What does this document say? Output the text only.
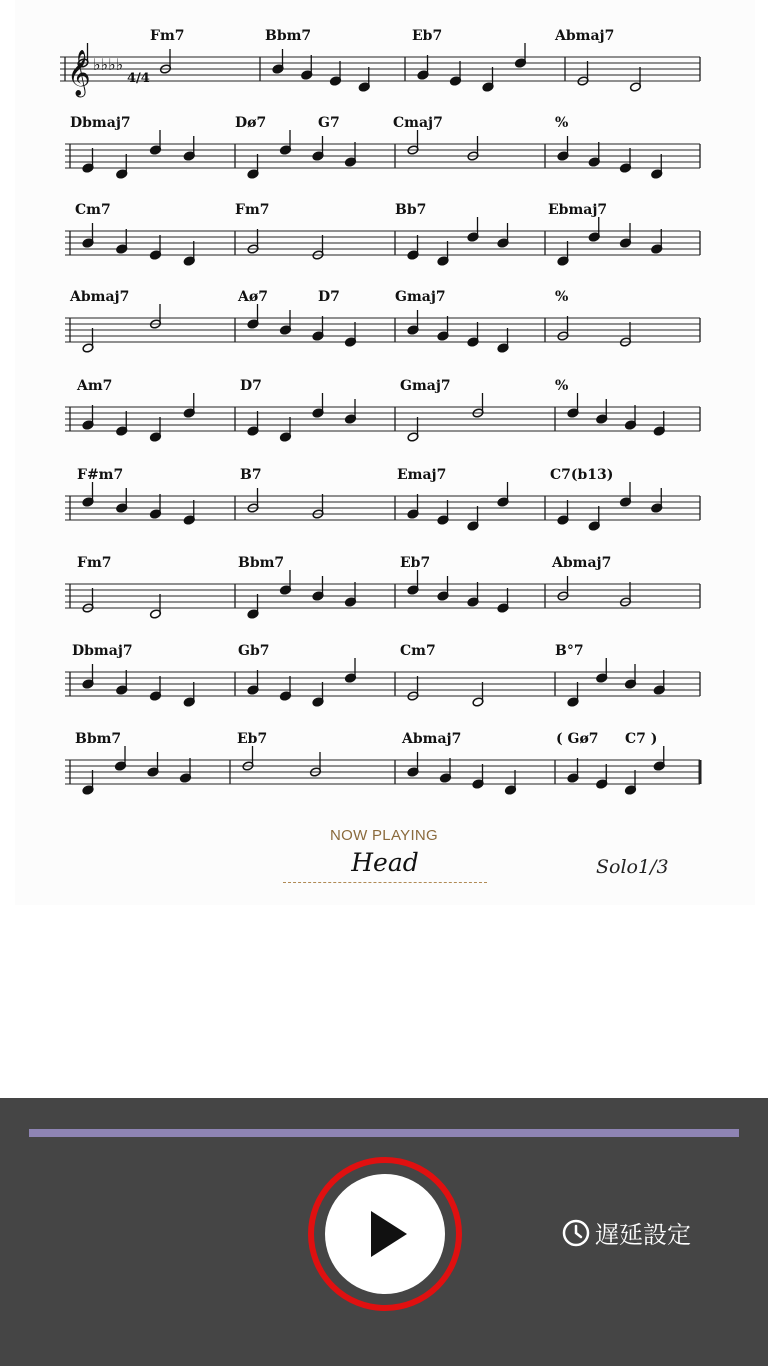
Fm7	Bbm7	Eb7	Abmaj7
Dbmaj7	Dø7	G7	Cmaj7	%
Cm7	Fm7	Bb7	Ebmaj7
Abmaj7	Aø7	D7	Gmaj7	%
Am7	D7	Gmaj7	%
F#m7	B7	Emaj7	C7(b13)
Fm7	Bbm7	Eb7	Abmaj7
Dbmaj7	Gb7	Cm7	B°7
Bbm7	Eb7	Abmaj7	( Gø7 C7 )
𝄞 ♭♭♭♭
4/4
NOW PLAYING
Head	Solo1/3
遅延設定
